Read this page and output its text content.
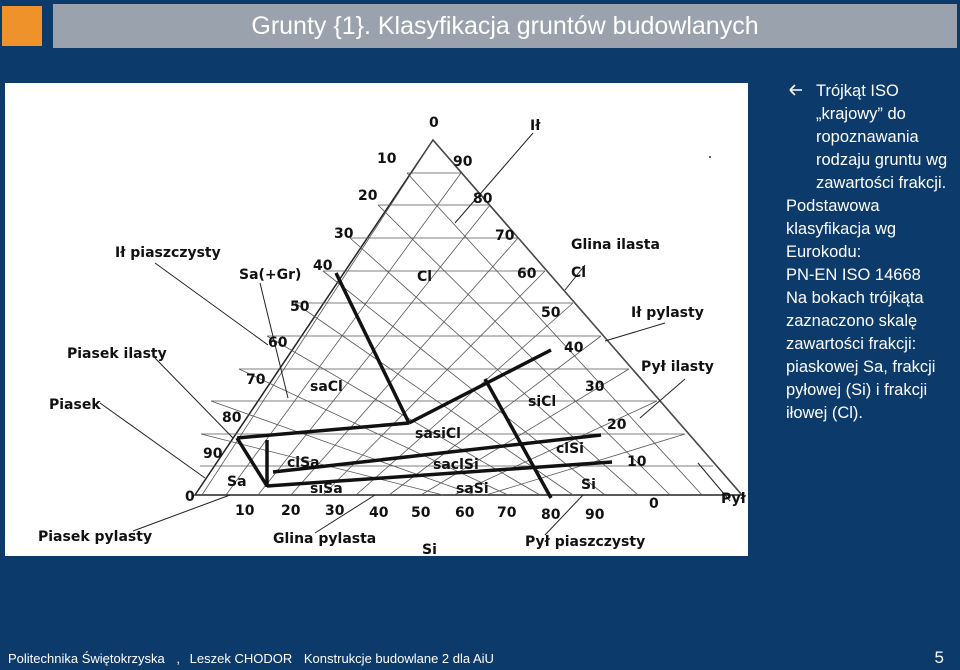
Grunty {1}. Klasyfikacja gruntów budowlanych
Ił piaszczysty
Sa(+Gr)
Piasek ilasty
Piasek
Piasek pylasty	Glina pylasta
Si	Pył piaszczysty
Pył
Pył ilasty
Ił pylasty
Glina ilasta
Cl
Ił
0
10
20
30
40
50
60
70
80
90
90
80
70
60
50
40
30
20
10
0
0
10 20 30 40 50 60 70 80 90
Cl
saCl
siCl
sasiCl
clSa	saclSi
clSi
Sa	siSa	saSi	Si
Trójkąt ISO „krajowy” do ropoznawania rodzaju gruntu wg zawartości frakcji.
Podstawowa klasyfikacja wg Eurokodu:
PN-EN ISO 14668
Na bokach trójkąta zaznaczono skalę zawartości frakcji: piaskowej Sa, frakcji pyłowej (Si) i frakcji iłowej (Cl).
Politechnika Świętokrzyska , Leszek CHODOR Konstrukcje budowlane 2 dla AiU	5
